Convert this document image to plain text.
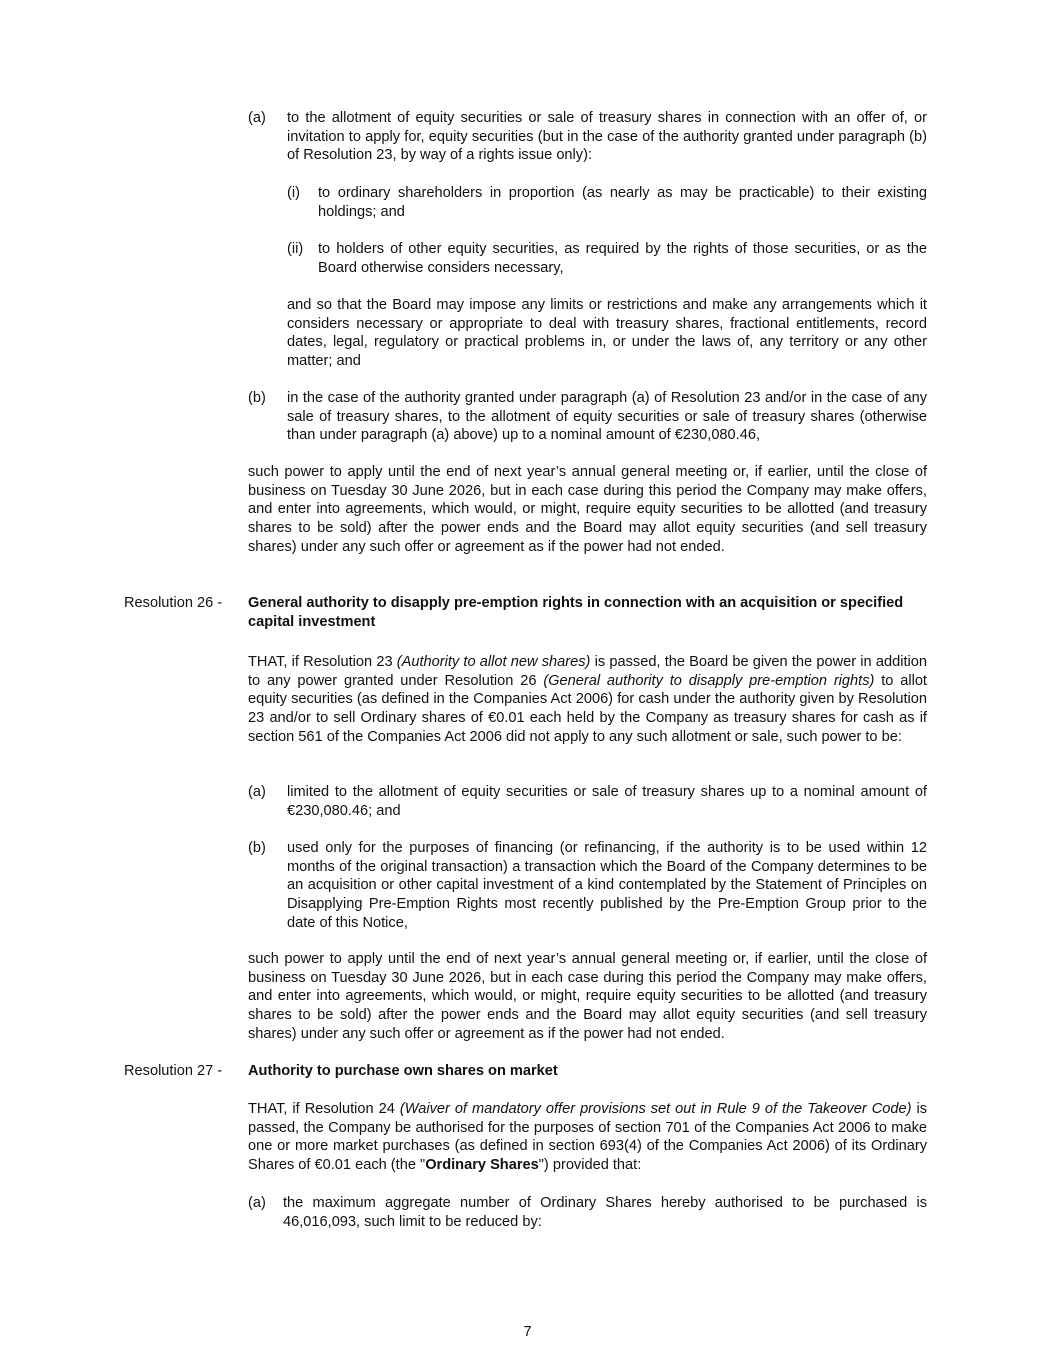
(a) to the allotment of equity securities or sale of treasury shares in connection with an offer of, or invitation to apply for, equity securities (but in the case of the authority granted under paragraph (b) of Resolution 23, by way of a rights issue only):

(i) to ordinary shareholders in proportion (as nearly as may be practicable) to their existing holdings; and

(ii) to holders of other equity securities, as required by the rights of those securities, or as the Board otherwise considers necessary,

and so that the Board may impose any limits or restrictions and make any arrangements which it considers necessary or appropriate to deal with treasury shares, fractional entitlements, record dates, legal, regulatory or practical problems in, or under the laws of, any territory or any other matter; and

(b) in the case of the authority granted under paragraph (a) of Resolution 23 and/or in the case of any sale of treasury shares, to the allotment of equity securities or sale of treasury shares (otherwise than under paragraph (a) above) up to a nominal amount of €230,080.46,

such power to apply until the end of next year’s annual general meeting or, if earlier, until the close of business on Tuesday 30 June 2026, but in each case during this period the Company may make offers, and enter into agreements, which would, or might, require equity securities to be allotted (and treasury shares to be sold) after the power ends and the Board may allot equity securities (and sell treasury shares) under any such offer or agreement as if the power had not ended.

Resolution 26 - General authority to disapply pre-emption rights in connection with an acquisition or specified capital investment

THAT, if Resolution 23 (Authority to allot new shares) is passed, the Board be given the power in addition to any power granted under Resolution 26 (General authority to disapply pre-emption rights) to allot equity securities (as defined in the Companies Act 2006) for cash under the authority given by Resolution 23 and/or to sell Ordinary shares of €0.01 each held by the Company as treasury shares for cash as if section 561 of the Companies Act 2006 did not apply to any such allotment or sale, such power to be:

(a) limited to the allotment of equity securities or sale of treasury shares up to a nominal amount of €230,080.46; and

(b) used only for the purposes of financing (or refinancing, if the authority is to be used within 12 months of the original transaction) a transaction which the Board of the Company determines to be an acquisition or other capital investment of a kind contemplated by the Statement of Principles on Disapplying Pre-Emption Rights most recently published by the Pre-Emption Group prior to the date of this Notice,

such power to apply until the end of next year’s annual general meeting or, if earlier, until the close of business on Tuesday 30 June 2026, but in each case during this period the Company may make offers, and enter into agreements, which would, or might, require equity securities to be allotted (and treasury shares to be sold) after the power ends and the Board may allot equity securities (and sell treasury shares) under any such offer or agreement as if the power had not ended.

Resolution 27 - Authority to purchase own shares on market

THAT, if Resolution 24 (Waiver of mandatory offer provisions set out in Rule 9 of the Takeover Code) is passed, the Company be authorised for the purposes of section 701 of the Companies Act 2006 to make one or more market purchases (as defined in section 693(4) of the Companies Act 2006) of its Ordinary Shares of €0.01 each (the "Ordinary Shares") provided that:

(a) the maximum aggregate number of Ordinary Shares hereby authorised to be purchased is 46,016,093, such limit to be reduced by:

7
